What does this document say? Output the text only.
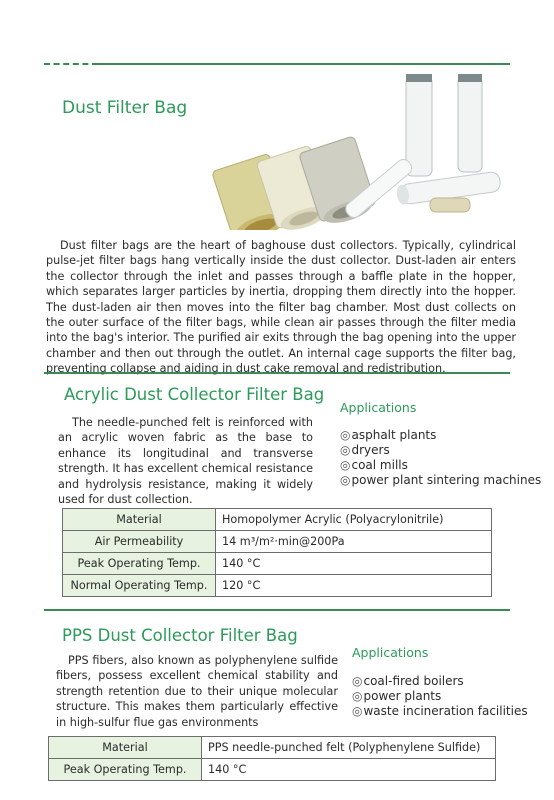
Dust Filter Bag

Dust filter bags are the heart of baghouse dust collectors. Typically, cylindrical pulse-jet filter bags hang vertically inside the dust collector. Dust-laden air enters the collector through the inlet and passes through a baffle plate in the hopper, which separates larger particles by inertia, dropping them directly into the hopper. The dust-laden air then moves into the filter bag chamber. Most dust collects on the outer surface of the filter bags, while clean air passes through the filter media into the bag's interior. The purified air exits through the bag opening into the upper chamber and then out through the outlet. An internal cage supports the filter bag, preventing collapse and aiding in dust cake removal and redistribution.

Acrylic Dust Collector Filter Bag

The needle-punched felt is reinforced with an acrylic woven fabric as the base to enhance its longitudinal and transverse strength. It has excellent chemical resistance and hydrolysis resistance, making it widely used for dust collection.

Applications
◎ asphalt plants
◎ dryers
◎ coal mills
◎ power plant sintering machines
Material	Homopolymer Acrylic (Polyacrylonitrile)
Air Permeability	14 m³/m²·min@200Pa
Peak Operating Temp.	140 °C
Normal Operating Temp.	120 °C
PPS Dust Collector Filter Bag

PPS fibers, also known as polyphenylene sulfide fibers, possess excellent chemical stability and strength retention due to their unique molecular structure. This makes them particularly effective in high-sulfur flue gas environments

Applications
◎ coal-fired boilers
◎ power plants
◎ waste incineration facilities
Material	PPS needle-punched felt (Polyphenylene Sulfide)
Peak Operating Temp.	140 °C
